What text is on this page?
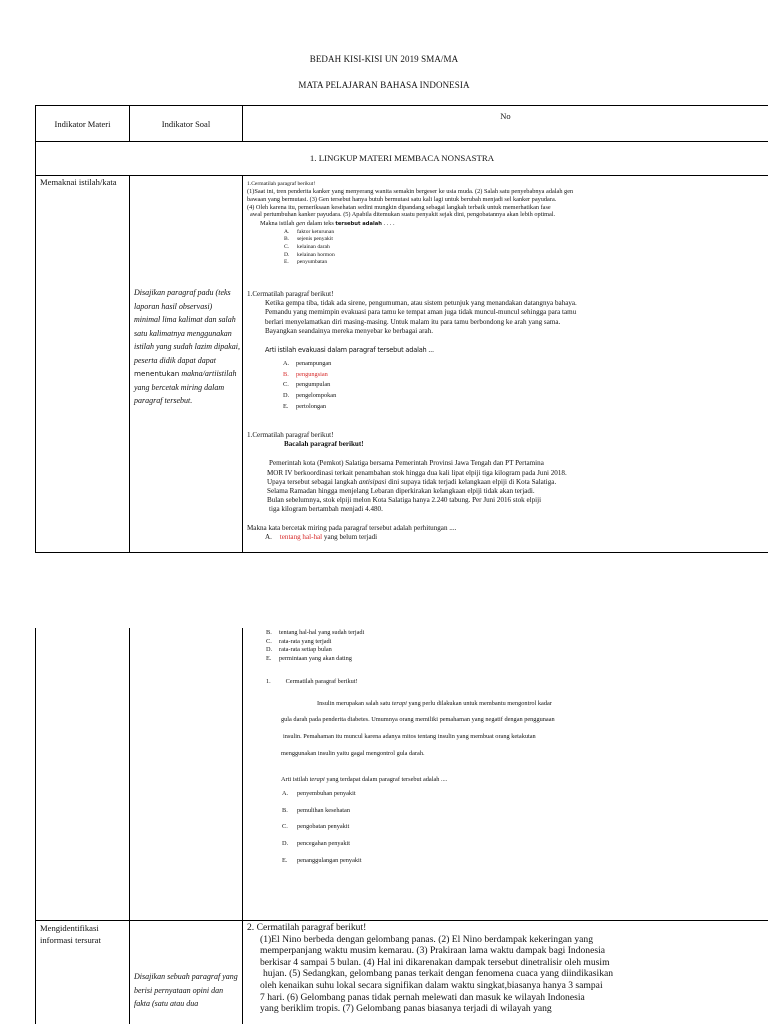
BEDAH KISI-KISI UN 2019 SMA/MA
MATA PELAJARAN BAHASA INDONESIA
Indikator Materi	Indikator Soal
No
1. LINGKUP MATERI MEMBACA NONSASTRA
Memaknai istilah/kata
Disajikan paragraf padu (teks laporan hasil observasi) minimal lima kalimat dan salah satu kalimatnya menggunakan istilah yang sudah lazim dipakai, peserta didik dapat dapat menentukan makna/artiistilah yang bercetak miring dalam paragraf tersebut.
1.Cermatilah paragraf berikut!
(1)Saat ini, tren penderita kanker yang menyerang wanita semakin bergeser ke usia muda. (2) Salah satu penyebabnya adalah gen
bawaan yang bermutasi. (3) Gen tersebut hanya butuh bermutasi satu kali lagi untuk berubah menjadi sel kanker payudara.
(4) Oleh karena itu, pemeriksaan kesehatan sedini mungkin dipandang sebagai langkah terbaik untuk memerhatikan fase
awal pertumbuhan kanker payudara. (5) Apabila ditemukan suatu penyakit sejak dini, pengobatannya akan lebih optimal.
Makna istilah gen dalam teks tersebut adalah . . . .
A. faktor keturunan
B. sejenis penyakit
C. kelainan darah
D. kelainan hormon
E. penyumbatan
1.Cermatilah paragraf berikut!
Ketika gempa tiba, tidak ada sirene, pengumuman, atau sistem petunjuk yang menandakan datangnya bahaya.
Pemandu yang memimpin evakuasi para tamu ke tempat aman juga tidak muncul-muncul sehingga para tamu
berlari menyelamatkan diri masing-masing. Untuk malam itu para tamu berbondong ke arah yang sama.
Bayangkan seandainya mereka menyebar ke berbagai arah.
Arti istilah evakuasi dalam paragraf tersebut adalah ...
A. penampungan
B. pengungsian
C. pengumpulan
D. pengelompokan
E. pertolongan
1.Cermatilah paragraf berikut!
Bacalah paragraf berikut!
Pemerintah kota (Pemkot) Salatiga bersama Pemerintah Provinsi Jawa Tengah dan PT Pertamina
MOR IV berkoordinasi terkait penambahan stok hingga dua kali lipat elpiji tiga kilogram pada Juni 2018.
Upaya tersebut sebagai langkah antisipasi dini supaya tidak terjadi kelangkaan elpiji di Kota Salatiga.
Selama Ramadan hingga menjelang Lebaran diperkirakan kelangkaan elpiji tidak akan terjadi.
Bulan sebelumnya, stok elpiji melon Kota Salatiga hanya 2.240 tabung. Per Juni 2016 stok elpiji
tiga kilogram bertambah menjadi 4.480.
Makna kata bercetak miring pada paragraf tersebut adalah perhitungan ....
A. tentang hal-hal yang belum terjadi
B. tentang hal-hal yang sudah terjadi
C. rata-rata yang terjadi
D. rata-rata setiap bulan
E. permintaan yang akan dating
1. Cermatilah paragraf berikut!
Insulin merupakan salah satu terapi yang perlu dilakukan untuk membantu mengontrol kadar
gula darah pada penderita diabetes. Umumnya orang memiliki pemahaman yang negatif dengan penggunaan
insulin. Pemahaman itu muncul karena adanya mitos tentang insulin yang membuat orang ketakutan
menggunakan insulin yaitu gagal mengontrol gula darah.
Arti istilah terapi yang terdapat dalam paragraf tersebut adalah ....
A. penyembuhan penyakit
B. pemulihan kesehatan
C. pengobatan penyakit
D. pencegahan penyakit
E. penanggulangan penyakit
Mengidentifikasi informasi tersurat
Disajikan sebuah paragraf yang berisi pernyataan opini dan fakta (satu atau dua
2. Cermatilah paragraf berikut!
(1)El Nino berbeda dengan gelombang panas. (2) El Nino berdampak kekeringan yang
memperpanjang waktu musim kemarau. (3) Prakiraan lama waktu dampak bagi Indonesia
berkisar 4 sampai 5 bulan. (4) Hal ini dikarenakan dampak tersebut dinetralisir oleh musim
hujan. (5) Sedangkan, gelombang panas terkait dengan fenomena cuaca yang diindikasikan
oleh kenaikan suhu lokal secara signifikan dalam waktu singkat,biasanya hanya 3 sampai
7 hari. (6) Gelombang panas tidak pernah melewati dan masuk ke wilayah Indonesia
yang beriklim tropis. (7) Gelombang panas biasanya terjadi di wilayah yang
